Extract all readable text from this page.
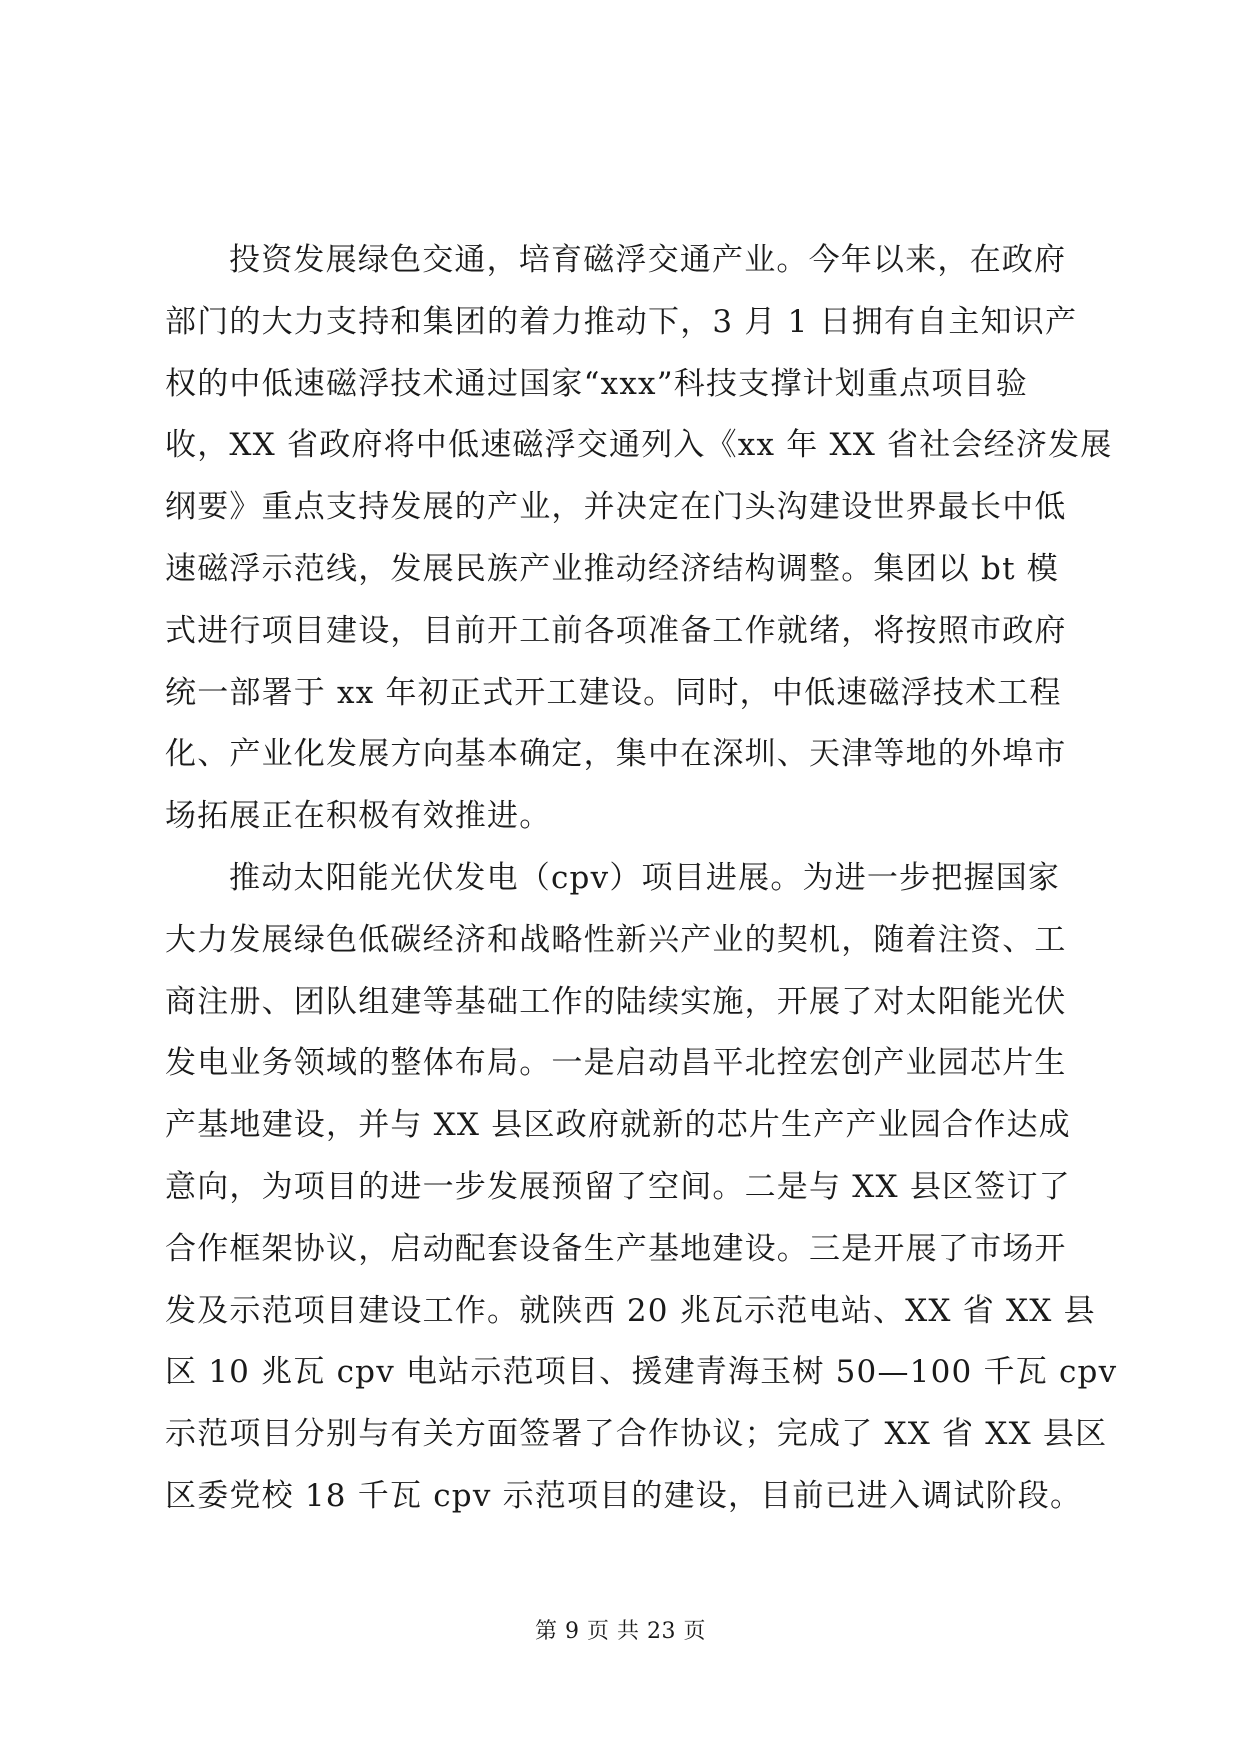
投资发展绿色交通，培育磁浮交通产业。今年以来，在政府
部门的大力支持和集团的着力推动下，3 月 1 日拥有自主知识产
权的中低速磁浮技术通过国家“xxx”科技支撑计划重点项目验
收，XX 省政府将中低速磁浮交通列入《xx 年 XX 省社会经济发展
纲要》重点支持发展的产业，并决定在门头沟建设世界最长中低
速磁浮示范线，发展民族产业推动经济结构调整。集团以 bt 模
式进行项目建设，目前开工前各项准备工作就绪，将按照市政府
统一部署于 xx 年初正式开工建设。同时，中低速磁浮技术工程
化、产业化发展方向基本确定，集中在深圳、天津等地的外埠市
场拓展正在积极有效推进。
推动太阳能光伏发电（cpv）项目进展。为进一步把握国家
大力发展绿色低碳经济和战略性新兴产业的契机，随着注资、工
商注册、团队组建等基础工作的陆续实施，开展了对太阳能光伏
发电业务领域的整体布局。一是启动昌平北控宏创产业园芯片生
产基地建设，并与 XX 县区政府就新的芯片生产产业园合作达成
意向，为项目的进一步发展预留了空间。二是与 XX 县区签订了
合作框架协议，启动配套设备生产基地建设。三是开展了市场开
发及示范项目建设工作。就陕西 20 兆瓦示范电站、XX 省 XX 县
区 10 兆瓦 cpv 电站示范项目、援建青海玉树 50—100 千瓦 cpv
示范项目分别与有关方面签署了合作协议；完成了 XX 省 XX 县区
区委党校 18 千瓦 cpv 示范项目的建设，目前已进入调试阶段。
第 9 页 共 23 页
